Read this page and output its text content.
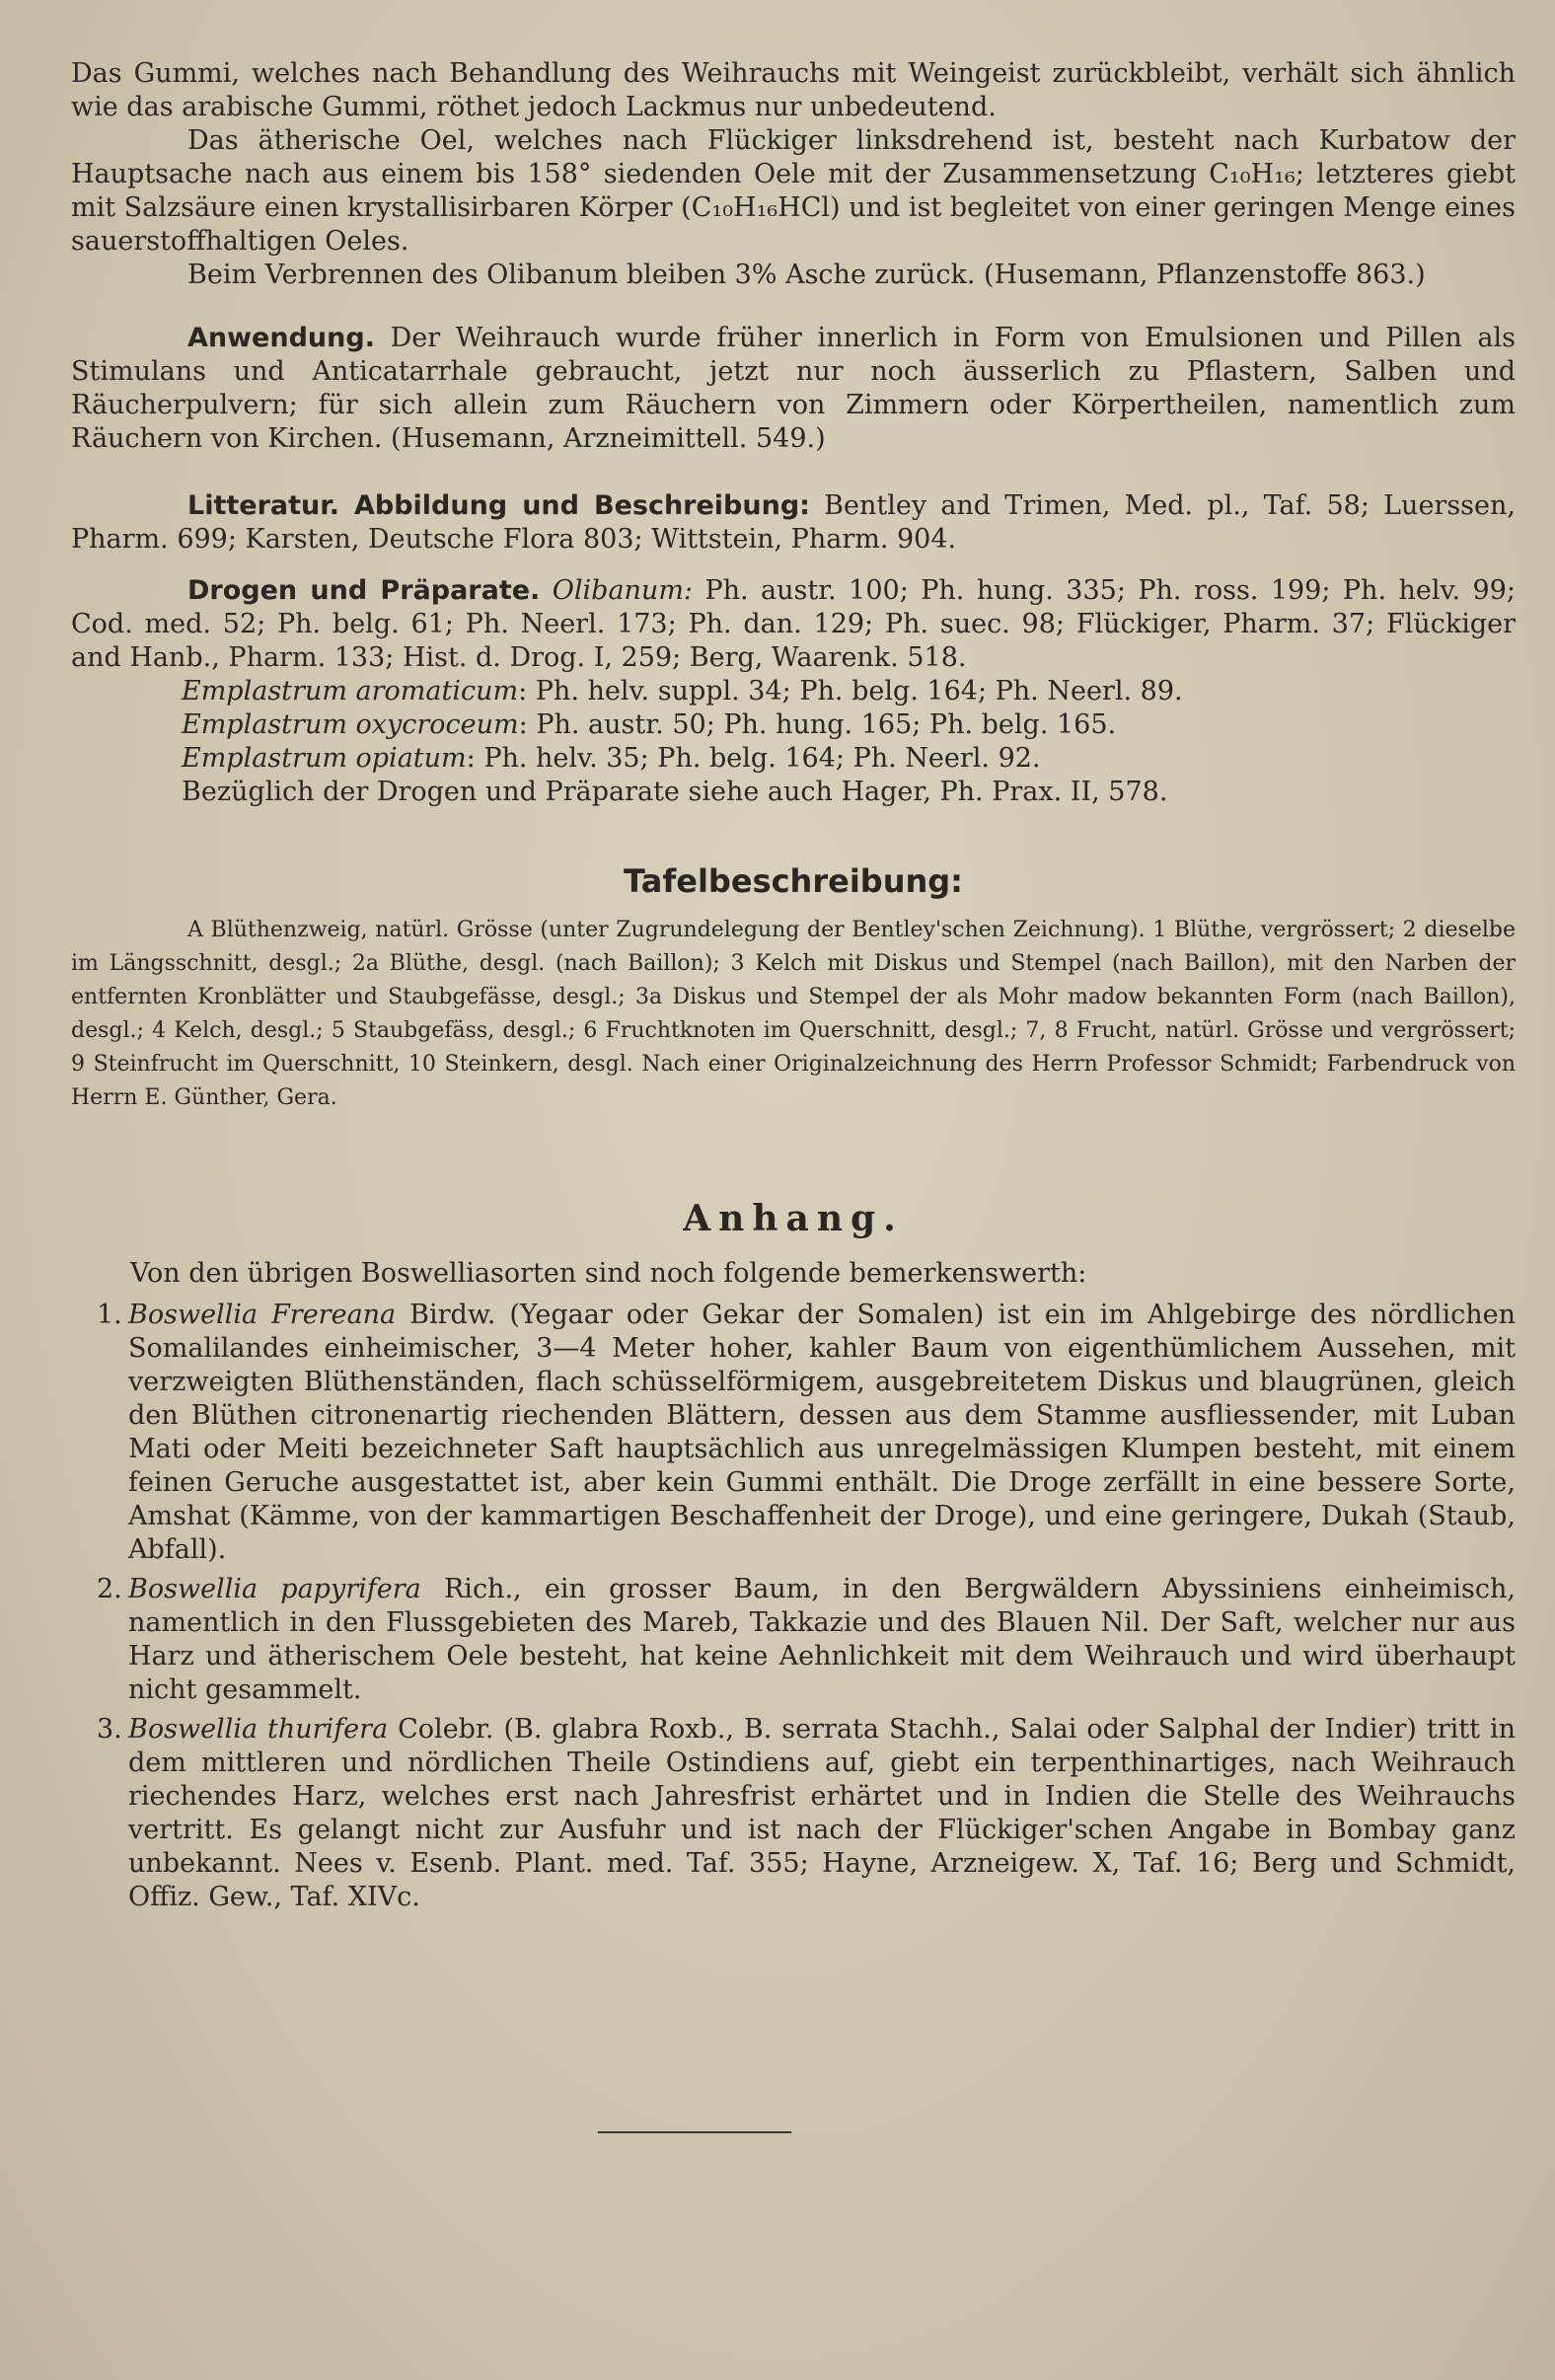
Das Gummi, welches nach Behandlung des Weihrauchs mit Weingeist zurückbleibt, verhält sich ähnlich wie das arabische Gummi, röthet jedoch Lackmus nur unbedeutend.

Das ätherische Oel, welches nach Flückiger linksdrehend ist, besteht nach Kurbatow der Hauptsache nach aus einem bis 158° siedenden Oele mit der Zusammensetzung C₁₀H₁₆; letzteres giebt mit Salzsäure einen krystallisirbaren Körper (C₁₀H₁₆HCl) und ist begleitet von einer geringen Menge eines sauerstoffhaltigen Oeles.

Beim Verbrennen des Olibanum bleiben 3% Asche zurück. (Husemann, Pflanzenstoffe 863.)

Anwendung. Der Weihrauch wurde früher innerlich in Form von Emulsionen und Pillen als Stimulans und Anticatarrhale gebraucht, jetzt nur noch äusserlich zu Pflastern, Salben und Räucherpulvern; für sich allein zum Räuchern von Zimmern oder Körpertheilen, namentlich zum Räuchern von Kirchen. (Husemann, Arzneimittell. 549.)

Litteratur. Abbildung und Beschreibung: Bentley and Trimen, Med. pl., Taf. 58; Luerssen, Pharm. 699; Karsten, Deutsche Flora 803; Wittstein, Pharm. 904.

Drogen und Präparate. Olibanum: Ph. austr. 100; Ph. hung. 335; Ph. ross. 199; Ph. helv. 99; Cod. med. 52; Ph. belg. 61; Ph. Neerl. 173; Ph. dan. 129; Ph. suec. 98; Flückiger, Pharm. 37; Flückiger and Hanb., Pharm. 133; Hist. d. Drog. I, 259; Berg, Waarenk. 518.

Emplastrum aromaticum: Ph. helv. suppl. 34; Ph. belg. 164; Ph. Neerl. 89.

Emplastrum oxycroceum: Ph. austr. 50; Ph. hung. 165; Ph. belg. 165.

Emplastrum opiatum: Ph. helv. 35; Ph. belg. 164; Ph. Neerl. 92.

Bezüglich der Drogen und Präparate siehe auch Hager, Ph. Prax. II, 578.

Tafelbeschreibung:

A Blüthenzweig, natürl. Grösse (unter Zugrundelegung der Bentley'schen Zeichnung). 1 Blüthe, vergrössert; 2 dieselbe im Längsschnitt, desgl.; 2a Blüthe, desgl. (nach Baillon); 3 Kelch mit Diskus und Stempel (nach Baillon), mit den Narben der entfernten Kronblätter und Staubgefässe, desgl.; 3a Diskus und Stempel der als Mohr madow bekannten Form (nach Baillon), desgl.; 4 Kelch, desgl.; 5 Staubgefäss, desgl.; 6 Fruchtknoten im Querschnitt, desgl.; 7, 8 Frucht, natürl. Grösse und vergrössert; 9 Steinfrucht im Querschnitt, 10 Steinkern, desgl. Nach einer Originalzeichnung des Herrn Professor Schmidt; Farbendruck von Herrn E. Günther, Gera.

Anhang.

Von den übrigen Boswelliasorten sind noch folgende bemerkenswerth:

1. Boswellia Frereana Birdw. (Yegaar oder Gekar der Somalen) ist ein im Ahlgebirge des nördlichen Somalilandes einheimischer, 3—4 Meter hoher, kahler Baum von eigenthümlichem Aussehen, mit verzweigten Blüthenständen, flach schüsselförmigem, ausgebreitetem Diskus und blaugrünen, gleich den Blüthen citronenartig riechenden Blättern, dessen aus dem Stamme ausfliessender, mit Luban Mati oder Meiti bezeichneter Saft hauptsächlich aus unregelmässigen Klumpen besteht, mit einem feinen Geruche ausgestattet ist, aber kein Gummi enthält. Die Droge zerfällt in eine bessere Sorte, Amshat (Kämme, von der kammartigen Beschaffenheit der Droge), und eine geringere, Dukah (Staub, Abfall).
2. Boswellia papyrifera Rich., ein grosser Baum, in den Bergwäldern Abyssiniens einheimisch, namentlich in den Flussgebieten des Mareb, Takkazie und des Blauen Nil. Der Saft, welcher nur aus Harz und ätherischem Oele besteht, hat keine Aehnlichkeit mit dem Weihrauch und wird überhaupt nicht gesammelt.
3. Boswellia thurifera Colebr. (B. glabra Roxb., B. serrata Stachh., Salai oder Salphal der Indier) tritt in dem mittleren und nördlichen Theile Ostindiens auf, giebt ein terpenthinartiges, nach Weihrauch riechendes Harz, welches erst nach Jahresfrist erhärtet und in Indien die Stelle des Weihrauchs vertritt. Es gelangt nicht zur Ausfuhr und ist nach der Flückiger'schen Angabe in Bombay ganz unbekannt. Nees v. Esenb. Plant. med. Taf. 355; Hayne, Arzneigew. X, Taf. 16; Berg und Schmidt, Offiz. Gew., Taf. XIVc.
